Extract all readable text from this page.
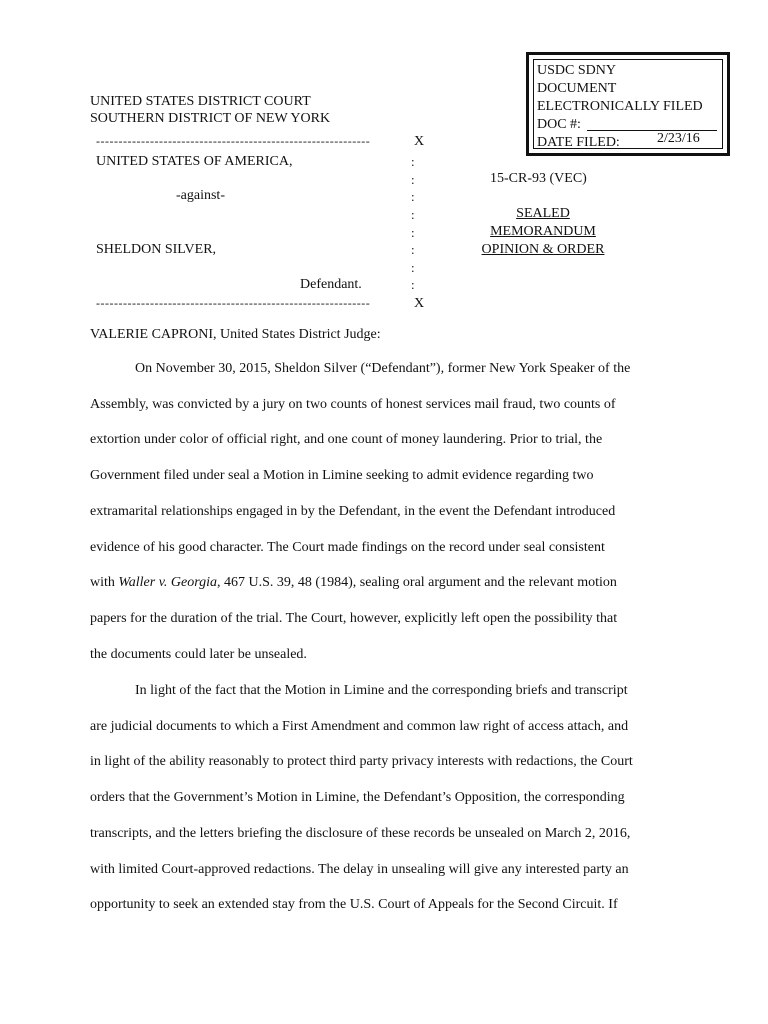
USDC SDNY
DOCUMENT
ELECTRONICALLY FILED
DOC #:
DATE FILED:	2/23/16
UNITED STATES DISTRICT COURT
SOUTHERN DISTRICT OF NEW YORK
-------------------------------------------------------------	X
UNITED STATES OF AMERICA,
-against-
SHELDON SILVER,
Defendant.
:
:
:
:
:
:
:
:
-------------------------------------------------------------	X
15-CR-93 (VEC)
SEALED
MEMORANDUM
OPINION & ORDER
VALERIE CAPRONI, United States District Judge:
On November 30, 2015, Sheldon Silver (“Defendant”), former New York Speaker of the
Assembly, was convicted by a jury on two counts of honest services mail fraud, two counts of
extortion under color of official right, and one count of money laundering. Prior to trial, the
Government filed under seal a Motion in Limine seeking to admit evidence regarding two
extramarital relationships engaged in by the Defendant, in the event the Defendant introduced
evidence of his good character. The Court made findings on the record under seal consistent
with Waller v. Georgia, 467 U.S. 39, 48 (1984), sealing oral argument and the relevant motion
papers for the duration of the trial. The Court, however, explicitly left open the possibility that
the documents could later be unsealed.
In light of the fact that the Motion in Limine and the corresponding briefs and transcript
are judicial documents to which a First Amendment and common law right of access attach, and
in light of the ability reasonably to protect third party privacy interests with redactions, the Court
orders that the Government’s Motion in Limine, the Defendant’s Opposition, the corresponding
transcripts, and the letters briefing the disclosure of these records be unsealed on March 2, 2016,
with limited Court-approved redactions. The delay in unsealing will give any interested party an
opportunity to seek an extended stay from the U.S. Court of Appeals for the Second Circuit. If
